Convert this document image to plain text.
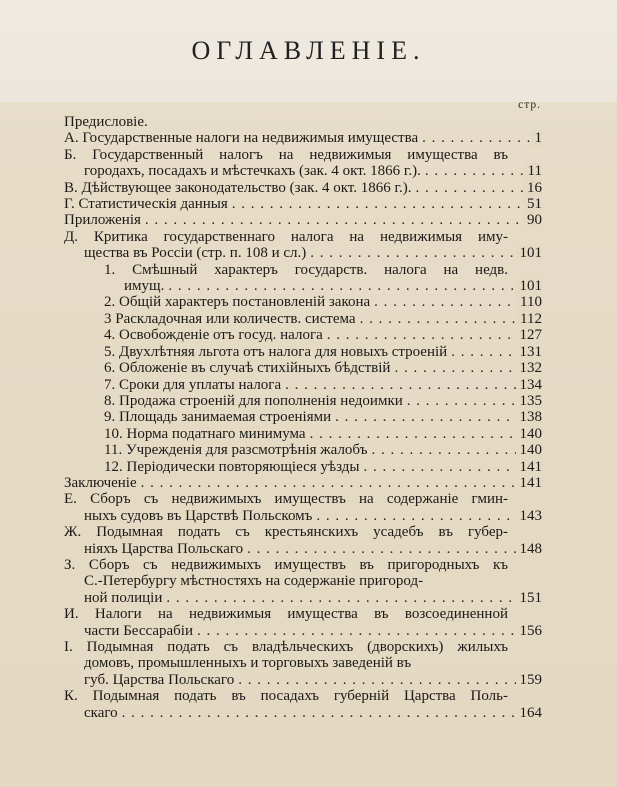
ОГЛАВЛЕНІЕ.
стр.
Предисловіе.
А. Государственные налоги на недвижимыя имущества	1
. . .
Б. Государственный налогъ на недвижимыя имущества въ
городахъ, посадахъ и мѣстечкахъ (зак. 4 окт. 1866 г.).	11
. . .
В. Дѣйствующее законодательство (зак. 4 окт. 1866 г.).	16
. . .
Г. Статистическія данныя	51
. . .
Приложенія	90
. . .
Д. Критика государственнаго налога на недвижимыя иму-
щества въ Россіи (стр. п. 108 и сл.)	101
. . .
1. Смѣшный характеръ государств. налога на недв.
имущ.	101
. . .
2. Общій характеръ постановленій закона	110
. . .
3 Раскладочная или количеств. система	112
. . .
4. Освобожденіе отъ госуд. налога	127
. . .
5. Двухлѣтняя льгота отъ налога для новыхъ строеній	131
. . .
6. Обложеніе въ случаѣ стихійныхъ бѣдствій	132
. . .
7. Сроки для уплаты налога	134
. . .
8. Продажа строеній для пополненія недоимки	135
. . .
9. Площадь занимаемая строеніями	138
. . .
10. Норма податнаго минимума	140
. . .
11. Учрежденія для разсмотрѣнія жалобъ	140
. . .
12. Періодически повторяющіеся уѣзды	141
. . .
Заключеніе	141
. . .
Е. Сборъ съ недвижимыхъ имуществъ на содержаніе гмин-
ныхъ судовъ въ Царствѣ Польскомъ	143
. . .
Ж. Подымная подать съ крестьянскихъ усадебъ въ губер-
ніяхъ Царства Польскаго	148
. . .
З. Сборъ съ недвижимыхъ имуществъ въ пригородныхъ къ
С.-Петербургу мѣстностяхъ на содержаніе пригород-
ной полиціи	151
. . .
И. Налоги на недвижимыя имущества въ возсоединенной
части Бессарабіи	156
. . .
І. Подымная подать съ владѣльческихъ (дворскихъ) жилыхъ
домовъ, промышленныхъ и торговыхъ заведеній въ
губ. Царства Польскаго	159
. . .
К. Подымная подать въ посадахъ губерній Царства Поль-
скаго	164
. . .
